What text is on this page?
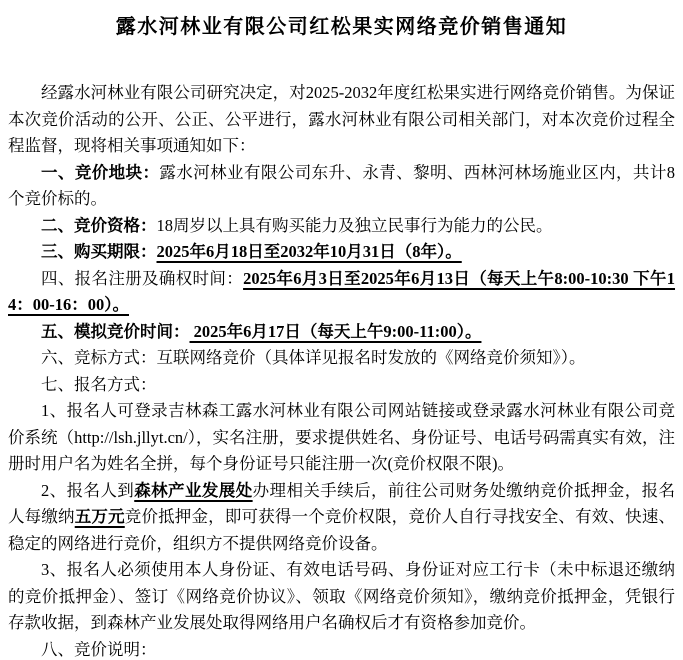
露水河林业有限公司红松果实网络竞价销售通知

经露水河林业有限公司研究决定，对2025-2032年度红松果实进行网络竞价销售。为保证本次竞价活动的公开、公正、公平进行，露水河林业有限公司相关部门，对本次竞价过程全程监督，现将相关事项通知如下：

一、竞价地块：露水河林业有限公司东升、永青、黎明、西林河林场施业区内，共计8个竞价标的。

二、竞价资格：18周岁以上具有购买能力及独立民事行为能力的公民。

三、购买期限：2025年6月18日至2032年10月31日（8年）。

四、报名注册及确权时间：2025年6月3日至2025年6月13日（每天上午8:00-10:30 下午14：00-16：00）。

五、模拟竞价时间： 2025年6月17日（每天上午9:00-11:00）。

六、竞标方式：互联网络竞价（具体详见报名时发放的《网络竞价须知》）。

七、报名方式：

1、报名人可登录吉林森工露水河林业有限公司网站链接或登录露水河林业有限公司竞价系统（http://lsh.jllyt.cn/），实名注册，要求提供姓名、身份证号、电话号码需真实有效，注册时用户名为姓名全拼，每个身份证号只能注册一次(竞价权限不限)。

2、报名人到森林产业发展处办理相关手续后，前往公司财务处缴纳竞价抵押金，报名人每缴纳五万元竞价抵押金，即可获得一个竞价权限，竞价人自行寻找安全、有效、快速、稳定的网络进行竞价，组织方不提供网络竞价设备。

3、报名人必须使用本人身份证、有效电话号码、身份证对应工行卡（未中标退还缴纳的竞价抵押金）、签订《网络竞价协议》、领取《网络竞价须知》，缴纳竞价抵押金，凭银行存款收据，到森林产业发展处取得网络用户名确权后才有资格参加竞价。

八、竞价说明：
